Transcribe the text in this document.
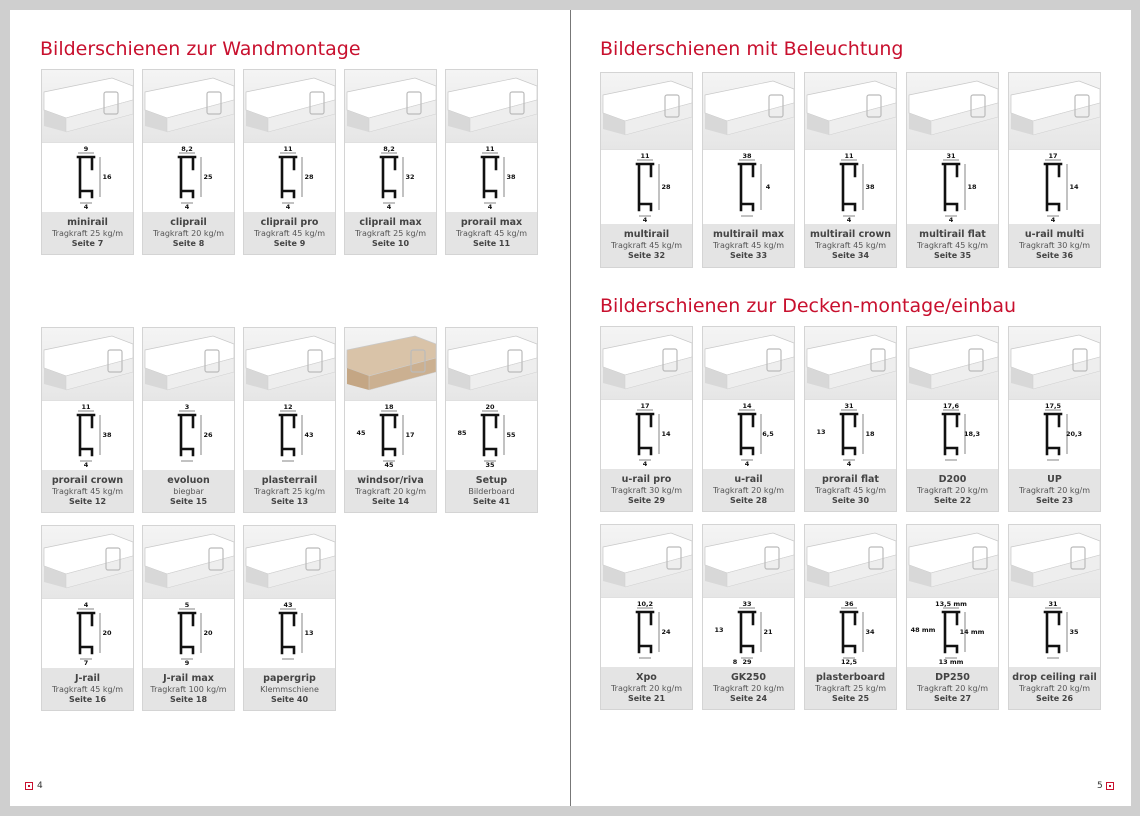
Bilderschienen zur Wandmontage	Bilderschienen mit Beleuchtung
Bilderschienen zur Decken-montage/einbau
9
16
4
minirail
Tragkraft 25 kg/m
Seite 7
8,2
25
4
cliprail
Tragkraft 20 kg/m
Seite 8
11
28
4
cliprail pro
Tragkraft 45 kg/m
Seite 9
8,2
32
4
cliprail max
Tragkraft 25 kg/m
Seite 10
11
38
4
prorail max
Tragkraft 45 kg/m
Seite 11
11
38
4
prorail crown
Tragkraft 45 kg/m
Seite 12
3
26
evoluon
biegbar
Seite 15
12
43
plasterrail
Tragkraft 25 kg/m
Seite 13
18
17
45
45
windsor/riva
Tragkraft 20 kg/m
Seite 14
20
55
35
85
Setup
Bilderboard
Seite 41
4
20
7
J-rail
Tragkraft 45 kg/m
Seite 16
5
20
9
J-rail max
Tragkraft 100 kg/m
Seite 18
43
13
papergrip
Klemmschiene
Seite 40
11
28
4
multirail
Tragkraft 45 kg/m
Seite 32
38
4
multirail max
Tragkraft 45 kg/m
Seite 33
11
38
4
multirail crown
Tragkraft 45 kg/m
Seite 34
31
18
4
multirail flat
Tragkraft 45 kg/m
Seite 35
17
14
4
u-rail multi
Tragkraft 30 kg/m
Seite 36
17
14
4
u-rail pro
Tragkraft 30 kg/m
Seite 29
14
6,5
4
u-rail
Tragkraft 20 kg/m
Seite 28
31
18
4
13
prorail flat
Tragkraft 45 kg/m
Seite 30
17,6
18,3
D200
Tragkraft 20 kg/m
Seite 22
17,5
20,3
UP
Tragkraft 20 kg/m
Seite 23
10,2
24
Xpo
Tragkraft 20 kg/m
Seite 21
33
21
29
13
8
GK250
Tragkraft 20 kg/m
Seite 24
36
34
12,5
plasterboard
Tragkraft 25 kg/m
Seite 25
13,5 mm
14 mm
13 mm
48 mm
DP250
Tragkraft 20 kg/m
Seite 27
31
35
drop ceiling rail
Tragkraft 20 kg/m
Seite 26
4	5
